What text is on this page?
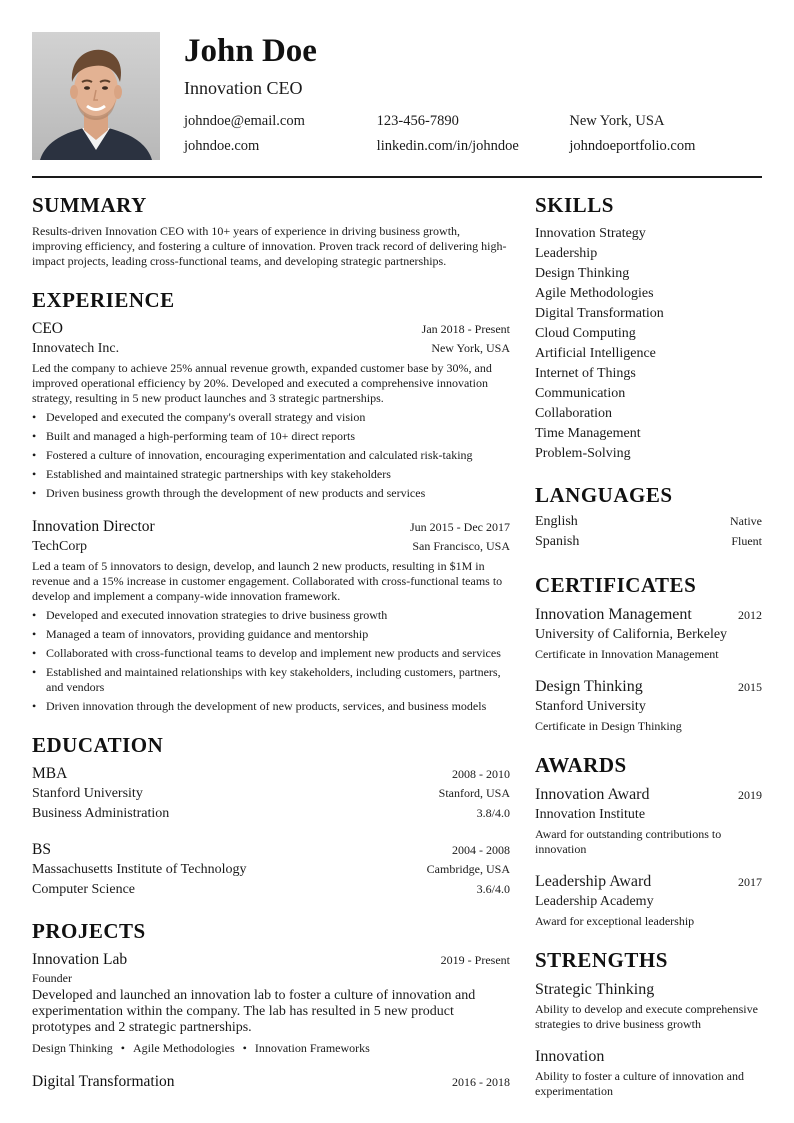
John Doe
Innovation CEO
johndoe@email.com	123-456-7890	New York, USA
johndoe.com	linkedin.com/in/johndoe	johndoeportfolio.com
SUMMARY
Results-driven Innovation CEO with 10+ years of experience in driving business growth, improving efficiency, and fostering a culture of innovation. Proven track record of delivering high-impact projects, leading cross-functional teams, and developing strategic partnerships.
EXPERIENCE
CEO	Jan 2018 - Present
Innovatech Inc.	New York, USA
Led the company to achieve 25% annual revenue growth, expanded customer base by 30%, and improved operational efficiency by 20%. Developed and executed a comprehensive innovation strategy, resulting in 5 new product launches and 3 strategic partnerships.
• Developed and executed the company's overall strategy and vision
• Built and managed a high-performing team of 10+ direct reports
• Fostered a culture of innovation, encouraging experimentation and calculated risk-taking
• Established and maintained strategic partnerships with key stakeholders
• Driven business growth through the development of new products and services
Innovation Director	Jun 2015 - Dec 2017
TechCorp	San Francisco, USA
Led a team of 5 innovators to design, develop, and launch 2 new products, resulting in $1M in revenue and a 15% increase in customer engagement. Collaborated with cross-functional teams to develop and implement a company-wide innovation framework.
• Developed and executed innovation strategies to drive business growth
• Managed a team of innovators, providing guidance and mentorship
• Collaborated with cross-functional teams to develop and implement new products and services
• Established and maintained relationships with key stakeholders, including customers, partners, and vendors
• Driven innovation through the development of new products, services, and business models
EDUCATION
MBA	2008 - 2010
Stanford University	Stanford, USA
Business Administration	3.8/4.0
BS	2004 - 2008
Massachusetts Institute of Technology	Cambridge, USA
Computer Science	3.6/4.0
PROJECTS
Innovation Lab	2019 - Present
Founder
Developed and launched an innovation lab to foster a culture of innovation and experimentation within the company. The lab has resulted in 5 new product prototypes and 2 strategic partnerships.
Design Thinking • Agile Methodologies • Innovation Frameworks
Digital Transformation	2016 - 2018
SKILLS
Innovation Strategy
Leadership
Design Thinking
Agile Methodologies
Digital Transformation
Cloud Computing
Artificial Intelligence
Internet of Things
Communication
Collaboration
Time Management
Problem-Solving
LANGUAGES
English	Native
Spanish	Fluent
CERTIFICATES
Innovation Management	2012
University of California, Berkeley
Certificate in Innovation Management
Design Thinking	2015
Stanford University
Certificate in Design Thinking
AWARDS
Innovation Award	2019
Innovation Institute
Award for outstanding contributions to innovation
Leadership Award	2017
Leadership Academy
Award for exceptional leadership
STRENGTHS
Strategic Thinking
Ability to develop and execute comprehensive strategies to drive business growth
Innovation
Ability to foster a culture of innovation and experimentation
